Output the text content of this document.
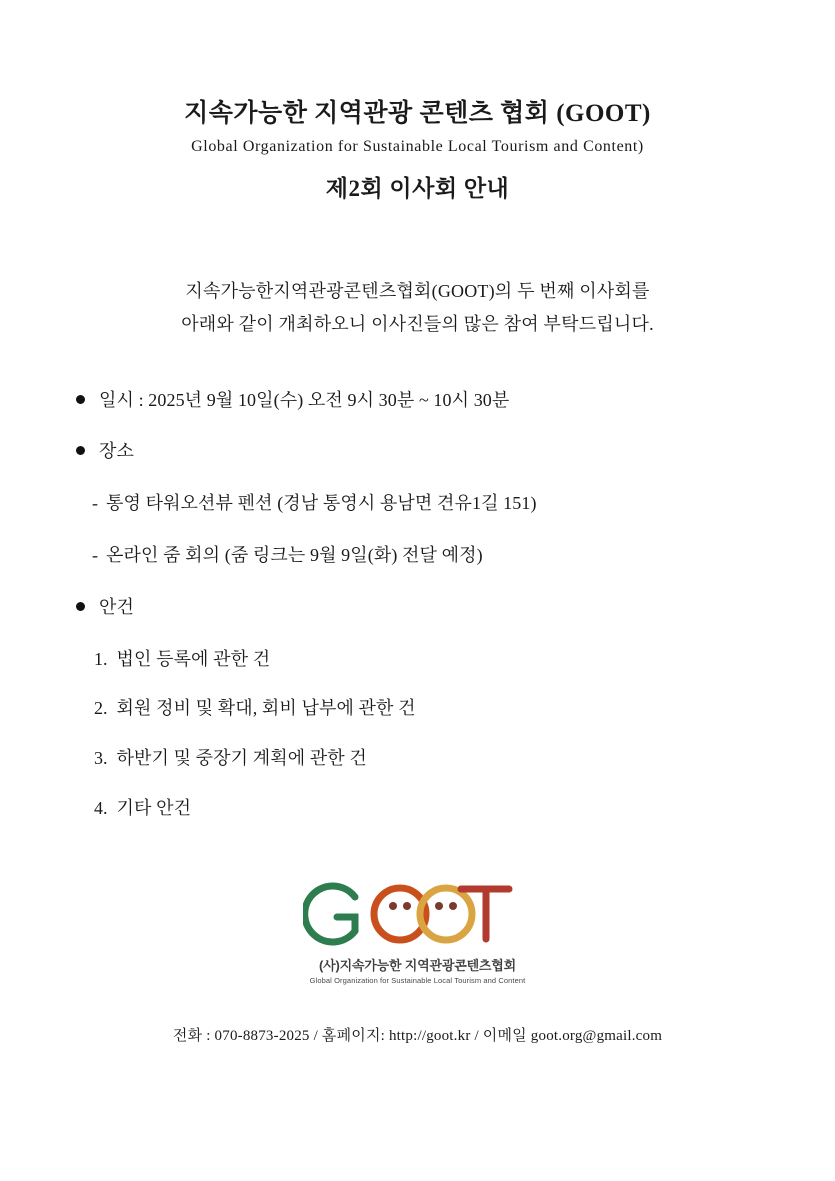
지속가능한 지역관광 콘텐츠 협회 (GOOT)
Global Organization for Sustainable Local Tourism and Content)
제2회 이사회 안내
지속가능한지역관광콘텐츠협회(GOOT)의 두 번째 이사회를
아래와 같이 개최하오니 이사진들의 많은 참여 부탁드립니다.
일시 : 2025년 9월 10일(수) 오전 9시 30분 ~ 10시 30분
장소
- 통영 타워오션뷰 펜션 (경남 통영시 용남면 견유1길 151)
- 온라인 줌 회의 (줌 링크는 9월 9일(화) 전달 예정)
안건
1. 법인 등록에 관한 건
2. 회원 정비 및 확대, 회비 납부에 관한 건
3. 하반기 및 중장기 계획에 관한 건
4. 기타 안건
(사)지속가능한 지역관광콘텐츠협회
Global Organization for Sustainable Local Tourism and Content
전화 : 070-8873-2025 / 홈페이지: http://goot.kr / 이메일 goot.org@gmail.com
